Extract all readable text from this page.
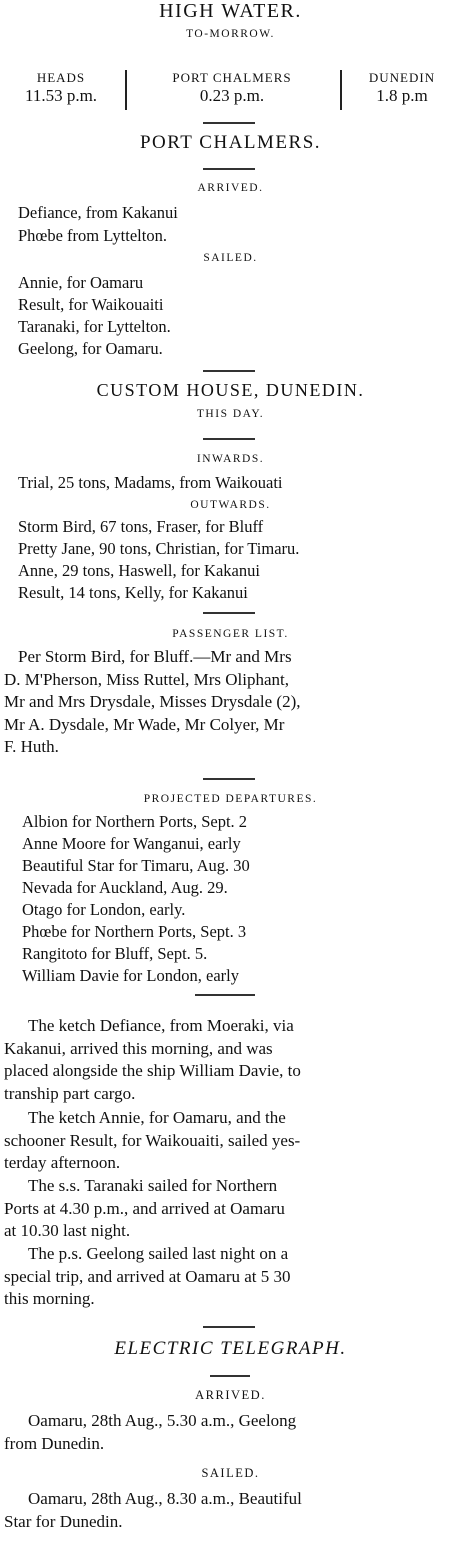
HIGH WATER.
TO-MORROW.
HEADS
11.53 p.m.
PORT CHALMERS
0.23 p.m.
DUNEDIN
1.8 p.m
PORT CHALMERS.
ARRIVED.
Defiance, from Kakanui
Phœbe from Lyttelton.
SAILED.
Annie, for Oamaru
Result, for Waikouaiti
Taranaki, for Lyttelton.
Geelong, for Oamaru.
CUSTOM HOUSE, DUNEDIN.
THIS DAY.
INWARDS.
Trial, 25 tons, Madams, from Waikouati
OUTWARDS.
Storm Bird, 67 tons, Fraser, for Bluff
Pretty Jane, 90 tons, Christian, for Timaru.
Anne, 29 tons, Haswell, for Kakanui
Result, 14 tons, Kelly, for Kakanui
PASSENGER LIST.
Per Storm Bird, for Bluff.—Mr and Mrs
D. M'Pherson, Miss Ruttel, Mrs Oliphant,
Mr and Mrs Drysdale, Misses Drysdale (2),
Mr A. Dysdale, Mr Wade, Mr Colyer, Mr
F. Huth.
PROJECTED DEPARTURES.
Albion for Northern Ports, Sept. 2
Anne Moore for Wanganui, early
Beautiful Star for Timaru, Aug. 30
Nevada for Auckland, Aug. 29.
Otago for London, early.
Phœbe for Northern Ports, Sept. 3
Rangitoto for Bluff, Sept. 5.
William Davie for London, early
The ketch Defiance, from Moeraki, via
Kakanui, arrived this morning, and was
placed alongside the ship William Davie, to
tranship part cargo.
The ketch Annie, for Oamaru, and the
schooner Result, for Waikouaiti, sailed yes-
terday afternoon.
The s.s. Taranaki sailed for Northern
Ports at 4.30 p.m., and arrived at Oamaru
at 10.30 last night.
The p.s. Geelong sailed last night on a
special trip, and arrived at Oamaru at 5 30
this morning.
ELECTRIC TELEGRAPH.
ARRIVED.
Oamaru, 28th Aug., 5.30 a.m., Geelong
from Dunedin.
SAILED.
Oamaru, 28th Aug., 8.30 a.m., Beautiful
Star for Dunedin.
